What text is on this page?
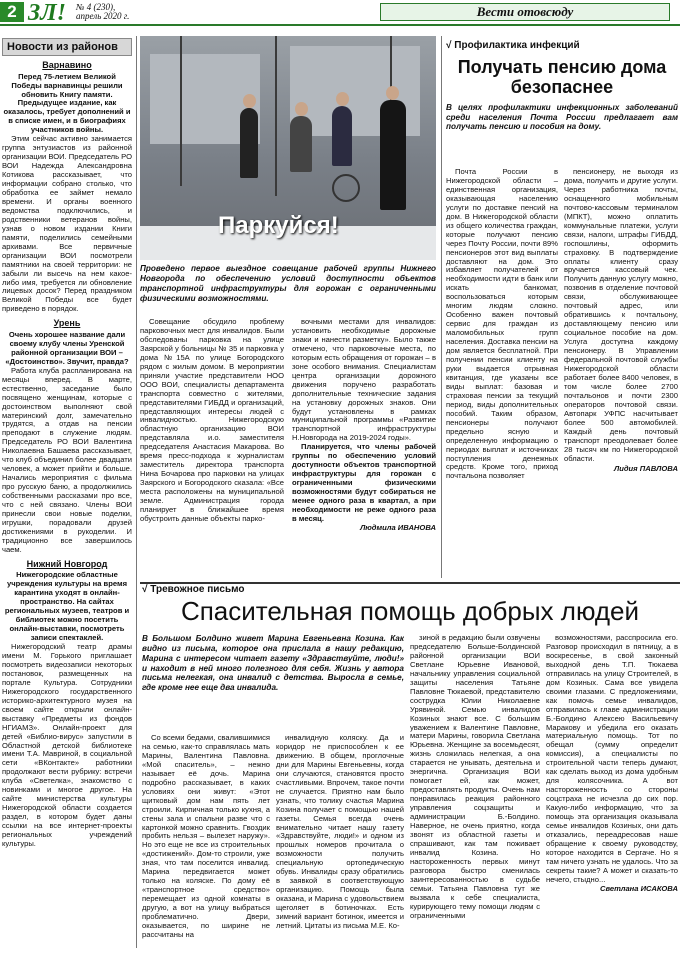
2 ЗЛ! № 4 (230),
апрель 2020 г.	Вести отовсюду
Новости из районов
Варнавино

Перед 75-летием Великой Победы варнавинцы решили обновить Книгу памяти. Предыдущее издание, как оказалось, требует дополнений и в списке имен, и в биографиях участников войны.

Этим сейчас активно занимается группа энтузиастов из районной организации ВОИ. Председатель РО ВОИ Надежда Александровна Котикова рассказывает, что информации собрано столько, что обработка ее займет немало времени. И органы военного ведомства подключились, и родственники ветеранов войны, узнав о новом издании Книги памяти, поделились семейными архивами. Все первичные организации ВОИ посмотрели памятники на своей территории: не забыли ли высечь на нем какое-либо имя, требуется ли обновление лицевых досок? Перед праздником Великой Победы все будет приведено в порядок.

Урень

Очень хорошее название дали своему клубу члены Уренской районной организации ВОИ – «Достоинство». Звучит, правда?

Работа клуба распланирована на месяцы вперед. В марте, естественно, заседание было посвящено женщинам, которые с достоинством выполняют свой материнский долг, замечательно трудятся, а отдав на пенсии преподают в служение людям. Председатель РО ВОИ Валентина Николаевна Башаева рассказывает, что клуб объединил более двадцати человек, а может прийти и больше. Начались мероприятия с фильма про русскую баню, а продолжились собственными рассказами про все, что с ней связано. Члены ВОИ принесли свои новые поделки, игрушки, порадовали друзей достижениями в рукоделии. И традиционно все завершилось чаем.

Нижний Новгород

Нижегородские областные учреждения культуры на время карантина уходят в онлайн-пространство. На сайтах региональных музеев, театров и библиотек можно посетить онлайн-выставки, посмотреть записи спектаклей.

Нижегородский театр драмы имени М. Горького приглашает посмотреть видеозаписи некоторых постановок, размещенных на портале Культура. Сотрудники Нижегородского государственного историко-архитектурного музея на своем сайте открыли онлайн-выставку «Предметы из фондов НГИАМЗ». Онлайн-проект для детей «Библио-вирус» запустили в Областной детской библиотеке имени Т.А. Мавриной, в социальной сети «ВКонтакте» работники продолжают вести рубрику: встречи клуба «Светелка», знакомство с новинками и многое другое. На сайте министерства культуры Нижегородской области создается раздел, в котором будет даны ссылки на все интернет-проекты региональных учреждений культуры.

Паркуйся!
Проведено первое выездное совещание рабочей группы Нижнего Новгорода по обеспечению условий доступности объектов транспортной инфраструктуры для горожан с ограниченными физическими возможностями.

Совещание обсудило проблему парковочных мест для инвалидов. Были обследованы парковка на улице Заярской у больницы № 35 и парковка у дома №15А по улице Богородского рядом с жилым домом. В мероприятии приняли участие представители НОО ООО ВОИ, специалисты департамента транспорта совместно с жителями, представителями ГИБДД и организаций, представляющих интересы людей с инвалидностью. Нижегородскую областную организацию ВОИ представляла и.о. заместителя председателя Анастасия Макарова. Во время пресс-подхода к журналистам заместитель директора транспорта Нина Бочарова про парковки на улицах Заярского и Богородского сказала: «Все места расположены на муниципальной земле. Администрация города планирует в ближайшее время обустроить данные объекты парко-

вочными местами для инвалидов: установить необходимые дорожные знаки и нанести разметку». Было также отмечено, что парковочные места, по которым есть обращения от горожан – в зоне особого внимания. Специалистам центра организации дорожного движения поручено разработать дополнительные технические задания на установку дорожных знаков. Они будут установлены в рамках муниципальной программы «Развитие транспортной инфраструктуры Н.Новгорода на 2019-2024 годы».

Планируется, что члены рабочей группы по обеспечению условий доступности объектов транспортной инфраструктуры для горожан с ограниченными физическими возможностями будут собираться не менее одного раза в квартал, а при необходимости не реже одного раза в месяц.

Людмила ИВАНОВА
√ Профилактика инфекций
Получать пенсию дома безопаснее

В целях профилактики инфекционных заболеваний среди населения Почта России предлагает вам получать пенсию и пособия на дому.

Почта России в Нижегородской области – единственная организация, оказывающая населению услуги по доставке пенсий на дом. В Нижегородской области из общего количества граждан, которые получают пенсию через Почту России, почти 89% пенсионеров этот вид выплаты доставляют на дом. Это избавляет получателей от необходимости идти в банк или искать банкомат, воспользоваться которым многим людям сложно. Особенно важен почтовый сервис для граждан из маломобильных групп населения. Доставка пенсии на дом является бесплатной. При получении пенсии клиенту на руки выдается отрывная квитанция, где указаны все виды выплат: базовая и страховая пенсии за текущий период, виды дополнительных пособий. Таким образом, пенсионеры получают предельно ясную и определенную информацию о периодах выплат и источниках поступления денежных средств. Кроме того, приход почтальона позволяет

пенсионеру, не выходя из дома, получить и другие услуги. Через работника почты, оснащенного мобильным почтово-кассовым терминалом (МПКТ), можно оплатить коммунальные платежи, услуги связи, налоги, штрафы ГИБДД, госпошлины, оформить страховку. В подтверждение оплаты клиенту сразу вручается кассовый чек. Получить данную услугу можно, позвонив в отделение почтовой связи, обслуживающее почтовый адрес, или обратившись к почтальону, доставляющему пенсию или социальное пособие на дом. Услуга доступна каждому пенсионеру. В Управлении федеральной почтовой службы Нижегородской области работает более 8400 человек, в том числе более 2700 почтальонов и почти 2300 операторов почтовой связи. Автопарк УФПС насчитывает более 500 автомобилей. Каждый день почтовый транспорт преодолевает более 28 тысяч км по Нижегородской области.

Лидия ПАВЛОВА
√ Тревожное письмо
Спасительная помощь добрых людей
В Большом Болдино живет Марина Евгеньевна Козина. Как видно из письма, которое она прислала в нашу редакцию, Марина с интересом читает газету «Здравствуйте, люди!» и находит в ней много полезного для себя. Жизнь у автора письма нелегкая, она инвалид с детства. Выросла в семье, где кроме нее еще два инвалида.

Со всеми бедами, свалившимися на семью, как-то справлялась мать Марины, Валентина Павловна. «Мой спаситель», – нежно называет её дочь. Марина подробно рассказывает, в каких условиях они живут: «Этот щитковый дом нам пять лет строили. Кирпичная только кухня, а стены зала и спальни разве что с картонкой можно сравнить. Гвоздик пробить нельзя – вылезет наружу». Но это еще не все из строительных «достижений». Дом-то строили, уже зная, что там поселится инвалид. Марина передвигается может только на коляске. По дому её «транспортное средство» перемещает из одной комнаты в другую, а вот на улицу выбраться проблематично. Двери, оказывается, по ширине не рассчитаны на

инвалидную коляску. Да и коридор не приспособлен к ее движению. В общем, проглочные дни для Марины Евгеньевны, когда они случаются, становятся просто счастливыми. Впрочем, такое почти не случается. Приятно нам было узнать, что толику счастья Марина Козина получает с помощью нашей газеты. Семья всегда очень внимательно читает нашу газету «Здравствуйте, люди!» и одном из прошлых номеров прочитала о возможности получить специальную ортопедическую обувь. Инвалиды сразу обратились в заявкой в соответствующую организацию. Помощь была оказана, и Марина с удовольствием щеголяет в ботиночках. Есть зимний вариант ботинок, имеется и летний. Цитаты из письма М.Е. Ко-

зиной в редакцию были озвучены председателю Больше-Болдинской районной организации ВОИ Светлане Юрьевне Ивановой, начальнику управления социальной защиты населения Татьяне Павловне Тюкаевой, представителю сострудка Юлии Николаевне Урявиной. Семью инвалидов Козиных знают все. С большим уважением к Валентине Павловне, матери Марины, говорила Светлана Юрьевна. Женщине за восемьдесят, жизнь сложилась нелегкая, а она старается не унывать, деятельна и энергична. Организация ВОИ помогает ей, как может, предоставлять продукты. Очень нам понравилась реакция районного управления соцзащиты и администрации Б.-Болдино. Наверное, не очень приятно, когда звонят из областной газеты и спрашивают, как там поживает инвалид Козина. Но настороженность первых минут разговора быстро сменилась заинтересованностью в судьбе семьи. Татьяна Павловна тут же вызвала к себе специалиста, курирующего тему помощи людям с ограниченными

возможностями, расспросила его. Разговор происходил в пятницу, а в воскресенье, в свой законный выходной день Т.П. Тюкаева отправилась на улицу Строителей, в дом Козиных. Сама все увидела своими глазами. С предложениями, как помочь семье инвалидов, отправилась к главе администрации Б.-Болдино Алексею Васильевичу Маракову и убедила его оказать материальную помощь. Тот по обещал (сумму определит комиссия), а специалисты по строительной части теперь думают, как сделать выход из дома удобным для колясочника. А вот настороженность со стороны соцстраха не исчезла до сих пор. Какую-либо информацию, что за помощь эта организация оказывала семье инвалидов Козиных, они дать отказались, переадресовав наше обращение к своему руководству, которое находится в Сергаче. Но я там ничего узнать не удалось. Что за секреты такие? А может и сказать-то нечего, стыдно...

Светлана ИСАКОВА
